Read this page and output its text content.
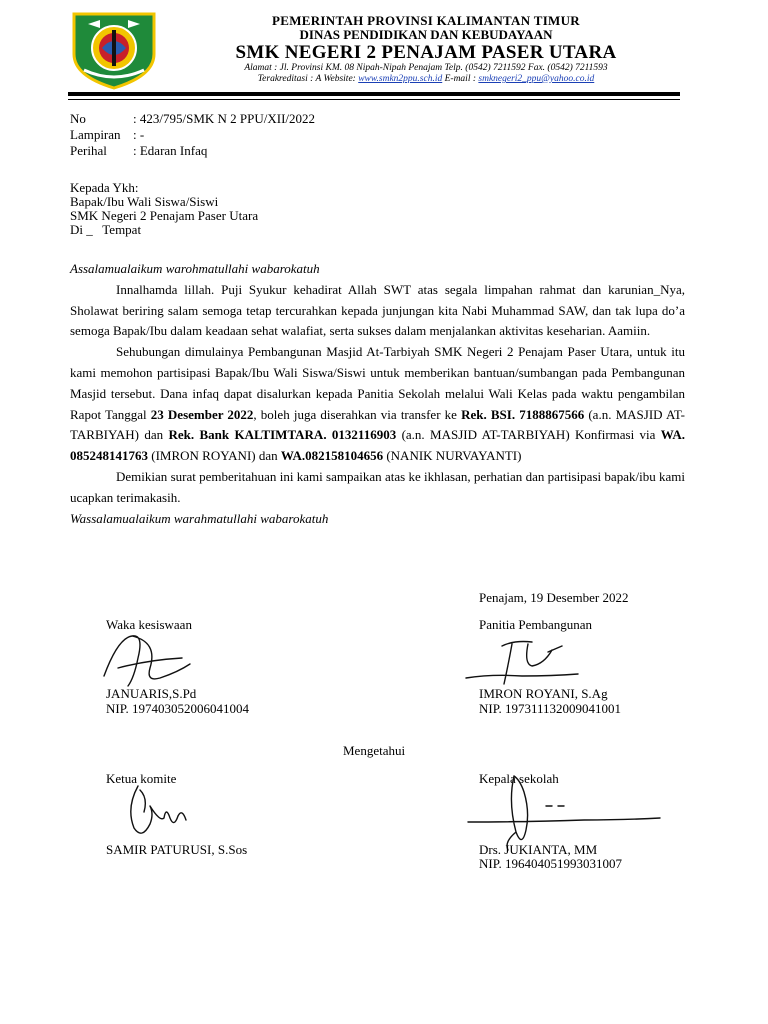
PEMERINTAH PROVINSI KALIMANTAN TIMUR
DINAS PENDIDIKAN DAN KEBUDAYAAN
SMK NEGERI 2 PENAJAM PASER UTARA
Alamat : Jl. Provinsi KM. 08 Nipah-Nipah Penajam Telp. (0542) 7211592 Fax. (0542) 7211593
Terakreditasi : A Website: www.smkn2ppu.sch.id E-mail : smknegeri2_ppu@yahoo.co.id
No	: 423/795/SMK N 2 PPU/XII/2022
Lampiran : -
Perihal : Edaran Infaq
Kepada Ykh:
Bapak/Ibu Wali Siswa/Siswi
SMK Negeri 2 Penajam Paser Utara
Di _   Tempat

Assalamualaikum warohmatullahi wabarokatuh

Innalhamda lillah. Puji Syukur kehadirat Allah SWT atas segala limpahan rahmat dan karunian_Nya, Sholawat beriring salam semoga tetap tercurahkan kepada junjungan kita Nabi Muhammad SAW, dan tak lupa do’a semoga Bapak/Ibu dalam keadaan sehat walafiat, serta sukses dalam menjalankan aktivitas keseharian. Aamiin.

Sehubungan dimulainya Pembangunan Masjid At-Tarbiyah SMK Negeri 2 Penajam Paser Utara, untuk itu kami memohon partisipasi Bapak/Ibu Wali Siswa/Siswi untuk memberikan bantuan/sumbangan pada Pembangunan Masjid tersebut. Dana infaq dapat disalurkan kepada Panitia Sekolah melalui Wali Kelas pada waktu pengambilan Rapot Tanggal 23 Desember 2022, boleh juga diserahkan via transfer ke Rek. BSI. 7188867566 (a.n. MASJID AT-TARBIYAH) dan Rek. Bank KALTIMTARA. 0132116903 (a.n. MASJID AT-TARBIYAH) Konfirmasi via WA. 085248141763 (IMRON ROYANI) dan WA.082158104656 (NANIK NURVAYANTI)

Demikian surat pemberitahuan ini kami sampaikan atas ke ikhlasan, perhatian dan partisipasi bapak/ibu kami ucapkan terimakasih.

Wassalamualaikum warahmatullahi wabarokatuh

Penajam, 19 Desember 2022
Waka kesiswaan
JANUARIS,S.Pd
NIP. 197403052006041004
Panitia Pembangunan
IMRON ROYANI, S.Ag
NIP. 197311132009041001
Mengetahui
Ketua komite
SAMIR PATURUSI, S.Sos
Kepala sekolah
Drs. JUKIANTA, MM
NIP. 196404051993031007
